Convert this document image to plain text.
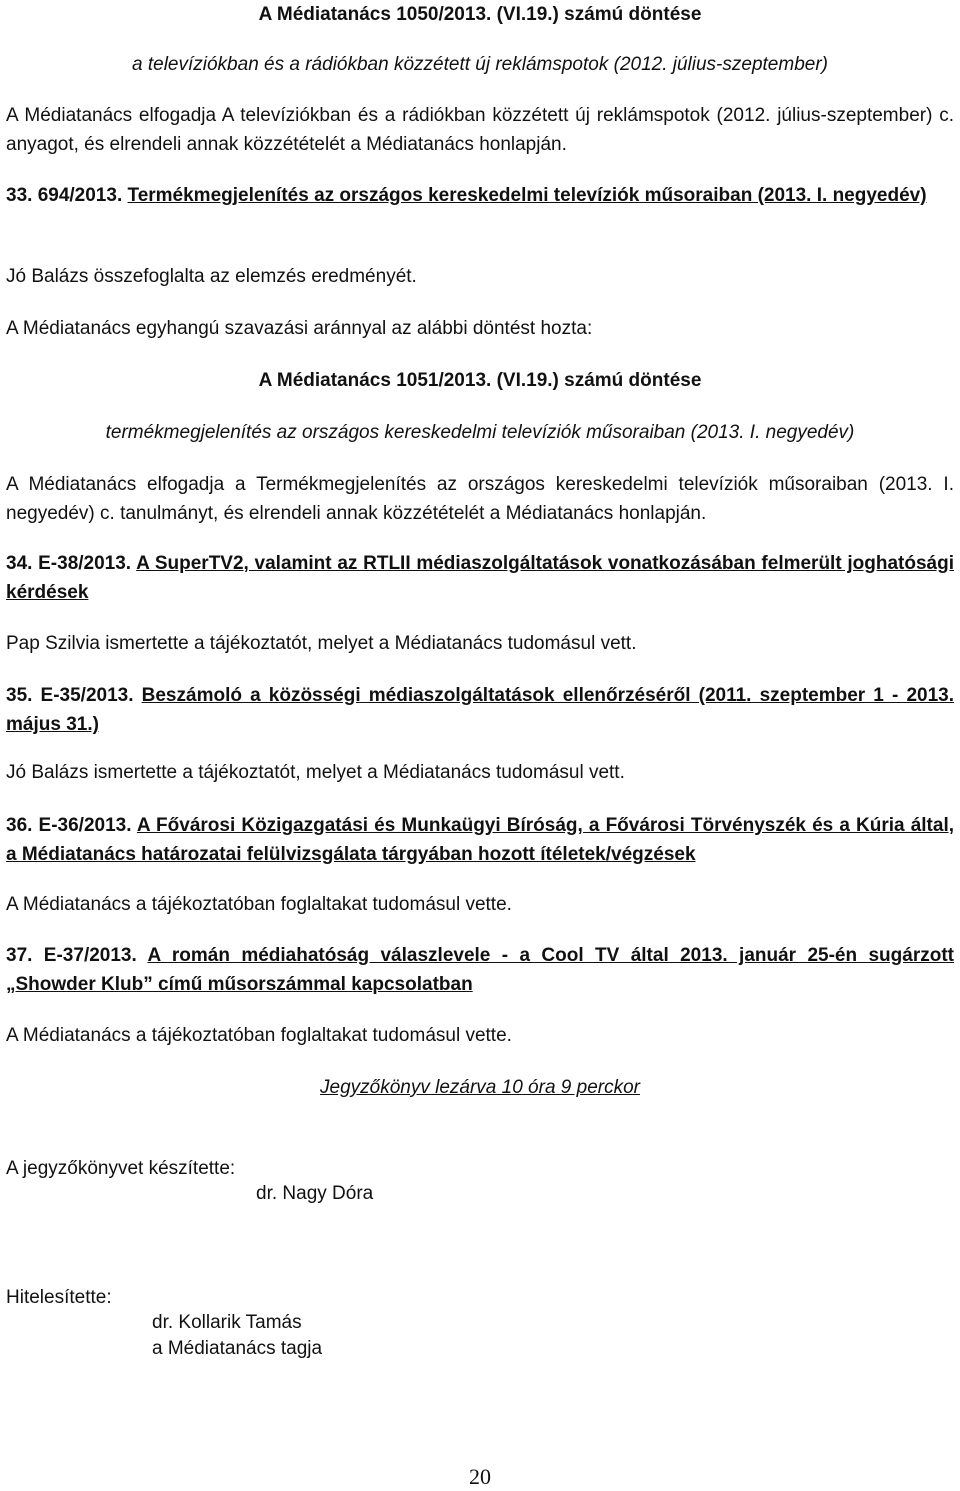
A Médiatanács 1050/2013. (VI.19.) számú döntése

a televíziókban és a rádiókban közzétett új reklámspotok (2012. július-szeptember)

A Médiatanács elfogadja A televíziókban és a rádiókban közzétett új reklámspotok (2012. július-szeptember) c. anyagot, és elrendeli annak közzétételét a Médiatanács honlapján.

33. 694/2013. Termékmegjelenítés az országos kereskedelmi televíziók műsoraiban (2013. I. negyedév)

Jó Balázs összefoglalta az elemzés eredményét.

A Médiatanács egyhangú szavazási aránnyal az alábbi döntést hozta:

A Médiatanács 1051/2013. (VI.19.) számú döntése

termékmegjelenítés az országos kereskedelmi televíziók műsoraiban (2013. I. negyedév)

A Médiatanács elfogadja a Termékmegjelenítés az országos kereskedelmi televíziók műsoraiban (2013. I. negyedév) c. tanulmányt, és elrendeli annak közzétételét a Médiatanács honlapján.

34. E-38/2013. A SuperTV2, valamint az RTLII médiaszolgáltatások vonatkozásában felmerült joghatósági kérdések

Pap Szilvia ismertette a tájékoztatót, melyet a Médiatanács tudomásul vett.

35. E-35/2013. Beszámoló a közösségi médiaszolgáltatások ellenőrzéséről (2011. szeptember 1 - 2013. május 31.)

Jó Balázs ismertette a tájékoztatót, melyet a Médiatanács tudomásul vett.

36. E-36/2013. A Fővárosi Közigazgatási és Munkaügyi Bíróság, a Fővárosi Törvényszék és a Kúria által, a Médiatanács határozatai felülvizsgálata tárgyában hozott ítéletek/végzések

A Médiatanács a tájékoztatóban foglaltakat tudomásul vette.

37. E-37/2013. A román médiahatóság válaszlevele - a Cool TV által 2013. január 25-én sugárzott „Showder Klub” című műsorszámmal kapcsolatban

A Médiatanács a tájékoztatóban foglaltakat tudomásul vette.

Jegyzőkönyv lezárva 10 óra 9 perckor

A jegyzőkönyvet készítette:

dr. Nagy Dóra

Hitelesítette:

dr. Kollarik Tamás

a Médiatanács tagja

20
